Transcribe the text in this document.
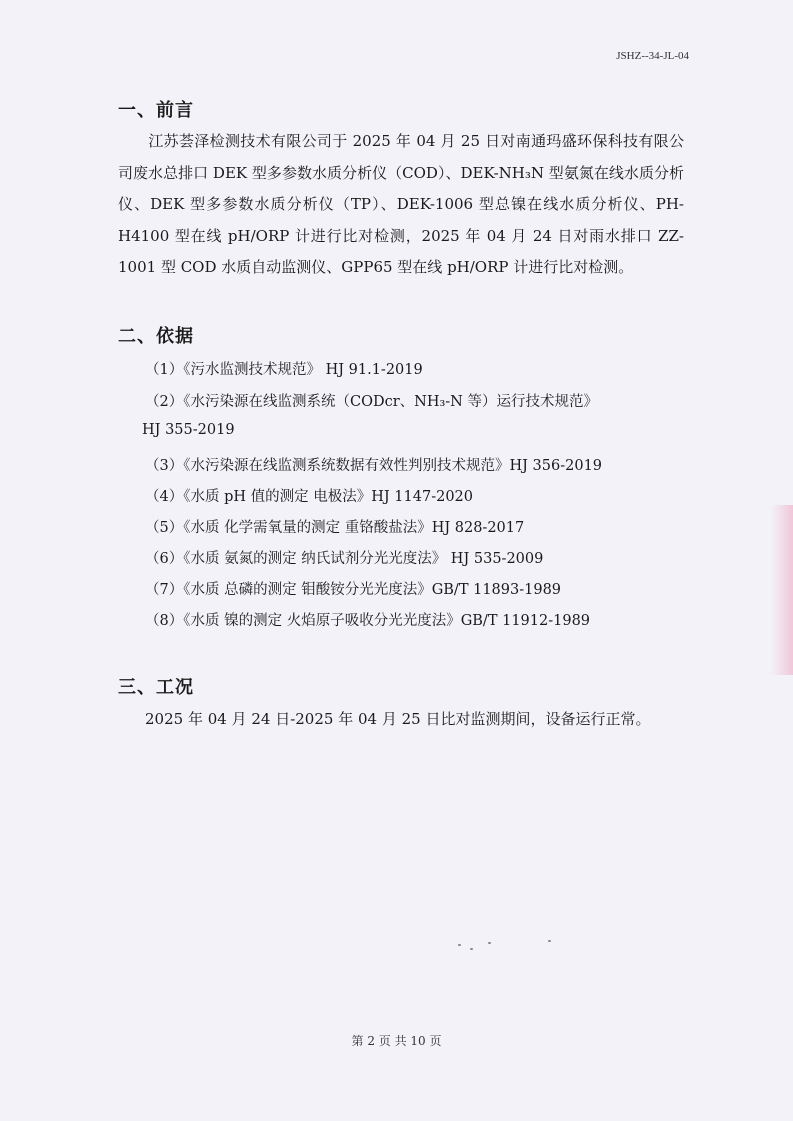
JSHZ--34-JL-04
一、前言
江苏荟泽检测技术有限公司于 2025 年 04 月 25 日对南通玛盛环保科技有限公司废水总排口 DEK 型多参数水质分析仪（COD）、DEK-NH₃N 型氨氮在线水质分析仪、DEK 型多参数水质分析仪（TP）、DEK-1006 型总镍在线水质分析仪、PH-H4100 型在线 pH/ORP 计进行比对检测，2025 年 04 月 24 日对雨水排口 ZZ-1001 型 COD 水质自动监测仪、GPP65 型在线 pH/ORP 计进行比对检测。
二、依据
（1）《污水监测技术规范》 HJ 91.1-2019
（2）《水污染源在线监测系统（CODcr、NH₃-N 等）运行技术规范》
HJ 355-2019
（3）《水污染源在线监测系统数据有效性判别技术规范》HJ 356-2019
（4）《水质 pH 值的测定 电极法》HJ 1147-2020
（5）《水质 化学需氧量的测定 重铬酸盐法》HJ 828-2017
（6）《水质 氨氮的测定 纳氏试剂分光光度法》 HJ 535-2009
（7）《水质 总磷的测定 钼酸铵分光光度法》GB/T 11893-1989
（8）《水质 镍的测定 火焰原子吸收分光光度法》GB/T 11912-1989
三、工况
2025 年 04 月 24 日-2025 年 04 月 25 日比对监测期间，设备运行正常。
第 2 页 共 10 页
